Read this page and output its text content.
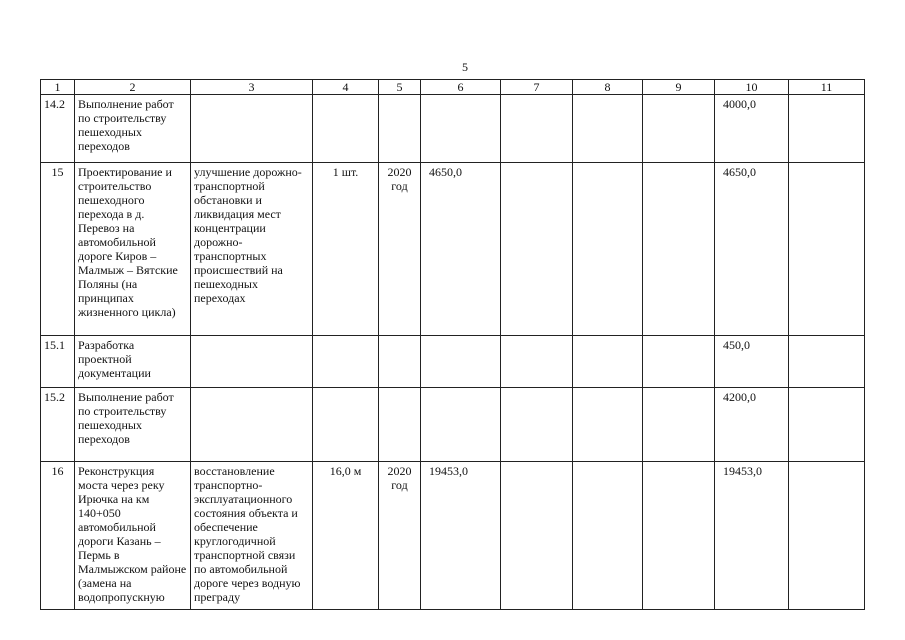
5
1	2	3	4	5	6	7	8	9	10	11
14.2	Выполнение работ по строительству пешеходных переходов								4000,0	
15	Проектирование и строительство пешеходного перехода в д. Перевоз на автомобильной дороге Киров – Малмыж – Вятские Поляны (на принципах жизненного цикла)	улучшение дорожно-транспортной обстановки и ликвидация мест концентрации дорожно-транспортных происшествий на пешеходных переходах	1 шт.	2020 год	4650,0				4650,0	
15.1	Разработка проектной документации								450,0	
15.2	Выполнение работ по строительству пешеходных переходов								4200,0	
16	Реконструкция моста через реку Ирючка на км 140+050 автомобильной дороги Казань – Пермь в Малмыжском районе (замена на водопропускную	восстановление транспортно-эксплуатационного состояния объекта и обеспечение круглогодичной транспортной связи по автомобильной дороге через водную преграду	16,0 м	2020 год	19453,0				19453,0	
